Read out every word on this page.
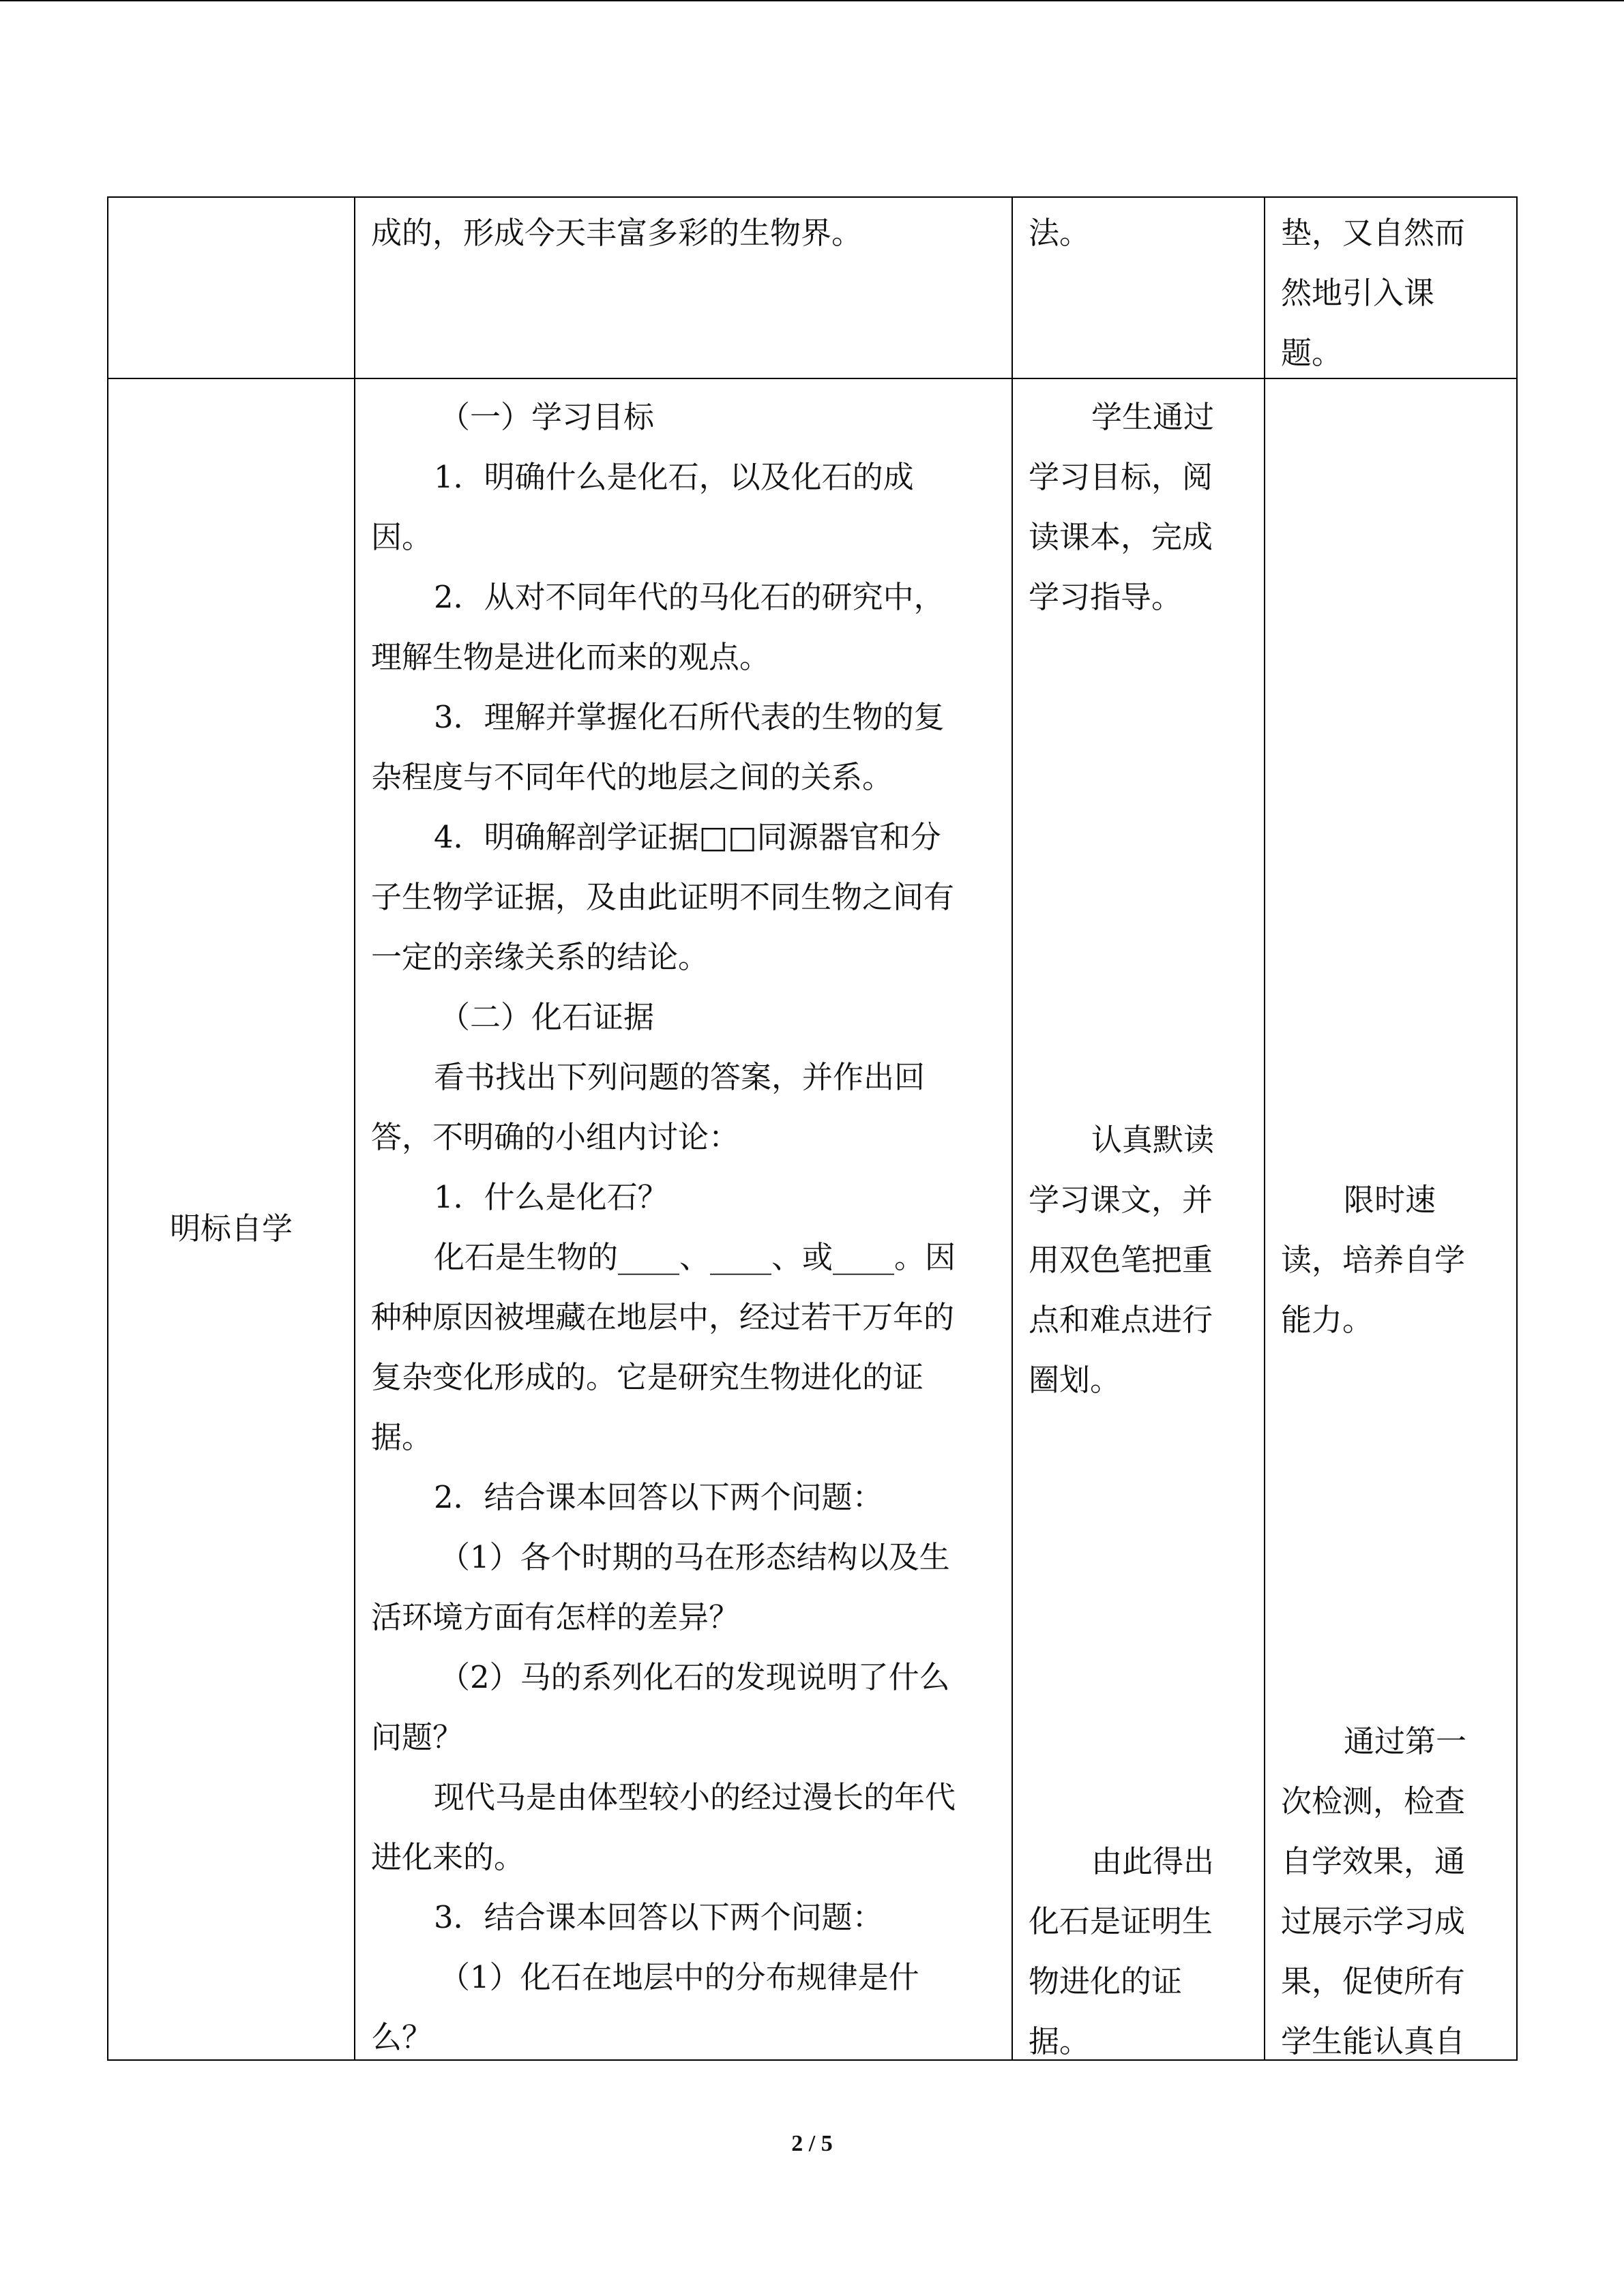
成的，形成今天丰富多彩的生物界。	法。	垫，又自然而
然地引入课
题。
明标自学
（一）学习目标
1．明确什么是化石，以及化石的成
因。
2．从对不同年代的马化石的研究中，
理解生物是进化而来的观点。
3．理解并掌握化石所代表的生物的复
杂程度与不同年代的地层之间的关系。
4．明确解剖学证据□□同源器官和分
子生物学证据，及由此证明不同生物之间有
一定的亲缘关系的结论。
（二）化石证据
看书找出下列问题的答案，并作出回
答，不明确的小组内讨论：
1．什么是化石？
化石是生物的____、____、或____。因
种种原因被埋藏在地层中，经过若干万年的
复杂变化形成的。它是研究生物进化的证
据。
2．结合课本回答以下两个问题：
（1）各个时期的马在形态结构以及生
活环境方面有怎样的差异？
（2）马的系列化石的发现说明了什么
问题？
现代马是由体型较小的经过漫长的年代
进化来的。
3．结合课本回答以下两个问题：
（1）化石在地层中的分布规律是什
么？
学生通过
学习目标，阅
读课本，完成
学习指导。
认真默读
学习课文，并
用双色笔把重
点和难点进行
圈划。
由此得出
化石是证明生
物进化的证
据。
限时速
读，培养自学
能力。
通过第一
次检测，检查
自学效果，通
过展示学习成
果，促使所有
学生能认真自
2 / 5
